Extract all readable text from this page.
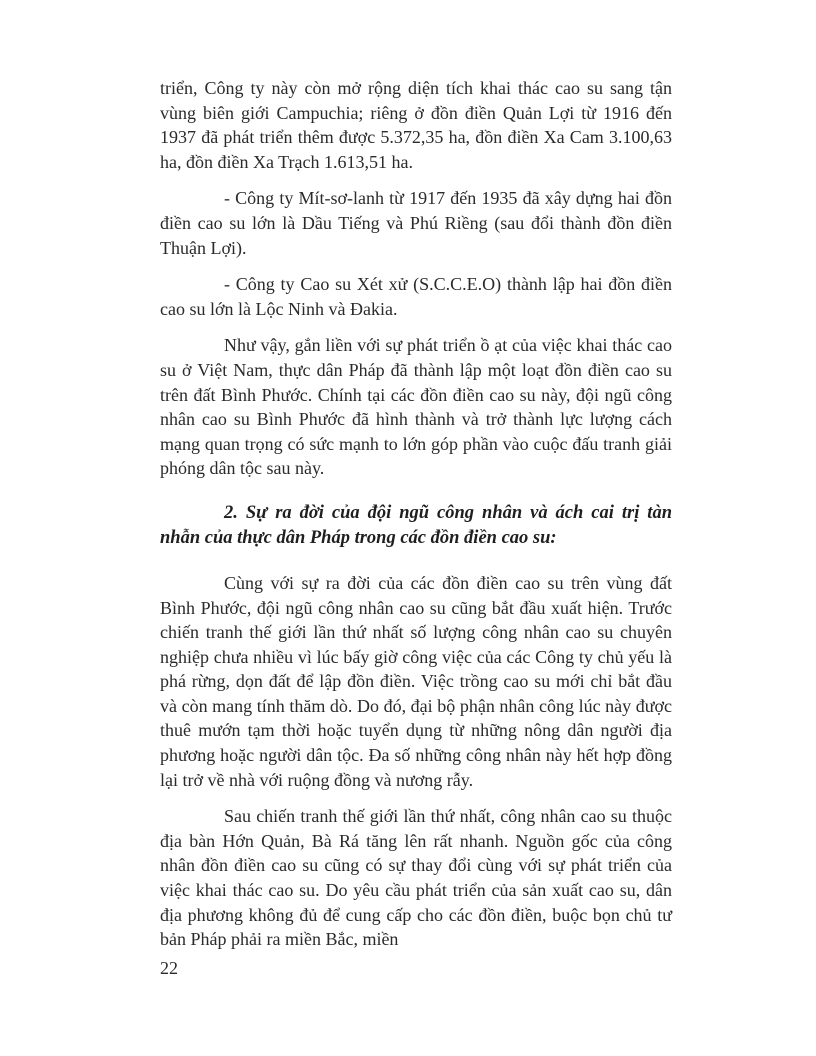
triển, Công ty này còn mở rộng diện tích khai thác cao su sang tận vùng biên giới Campuchia; riêng ở đồn điền Quản Lợi từ 1916 đến 1937 đã phát triển thêm được 5.372,35 ha, đồn điền Xa Cam 3.100,63 ha, đồn điền Xa Trạch 1.613,51 ha.

- Công ty Mít-sơ-lanh từ 1917 đến 1935 đã xây dựng hai đồn điền cao su lớn là Dầu Tiếng và Phú Riềng (sau đổi thành đồn điền Thuận Lợi).

- Công ty Cao su Xét xử (S.C.C.E.O) thành lập hai đồn điền cao su lớn là Lộc Ninh và Đakia.

Như vậy, gắn liền với sự phát triển ồ ạt của việc khai thác cao su ở Việt Nam, thực dân Pháp đã thành lập một loạt đồn điền cao su trên đất Bình Phước. Chính tại các đồn điền cao su này, đội ngũ công nhân cao su Bình Phước đã hình thành và trở thành lực lượng cách mạng quan trọng có sức mạnh to lớn góp phần vào cuộc đấu tranh giải phóng dân tộc sau này.

2. Sự ra đời của đội ngũ công nhân và ách cai trị tàn nhẫn của thực dân Pháp trong các đồn điền cao su:

Cùng với sự ra đời của các đồn điền cao su trên vùng đất Bình Phước, đội ngũ công nhân cao su cũng bắt đầu xuất hiện. Trước chiến tranh thế giới lần thứ nhất số lượng công nhân cao su chuyên nghiệp chưa nhiều vì lúc bấy giờ công việc của các Công ty chủ yếu là phá rừng, dọn đất để lập đồn điền. Việc trồng cao su mới chỉ bắt đầu và còn mang tính thăm dò. Do đó, đại bộ phận nhân công lúc này được thuê mướn tạm thời hoặc tuyển dụng từ những nông dân người địa phương hoặc người dân tộc. Đa số những công nhân này hết hợp đồng lại trở về nhà với ruộng đồng và nương rẫy.

Sau chiến tranh thế giới lần thứ nhất, công nhân cao su thuộc địa bàn Hớn Quản, Bà Rá tăng lên rất nhanh. Nguồn gốc của công nhân đồn điền cao su cũng có sự thay đổi cùng với sự phát triển của việc khai thác cao su. Do yêu cầu phát triển của sản xuất cao su, dân địa phương không đủ để cung cấp cho các đồn điền, buộc bọn chủ tư bản Pháp phải ra miền Bắc, miền

22
